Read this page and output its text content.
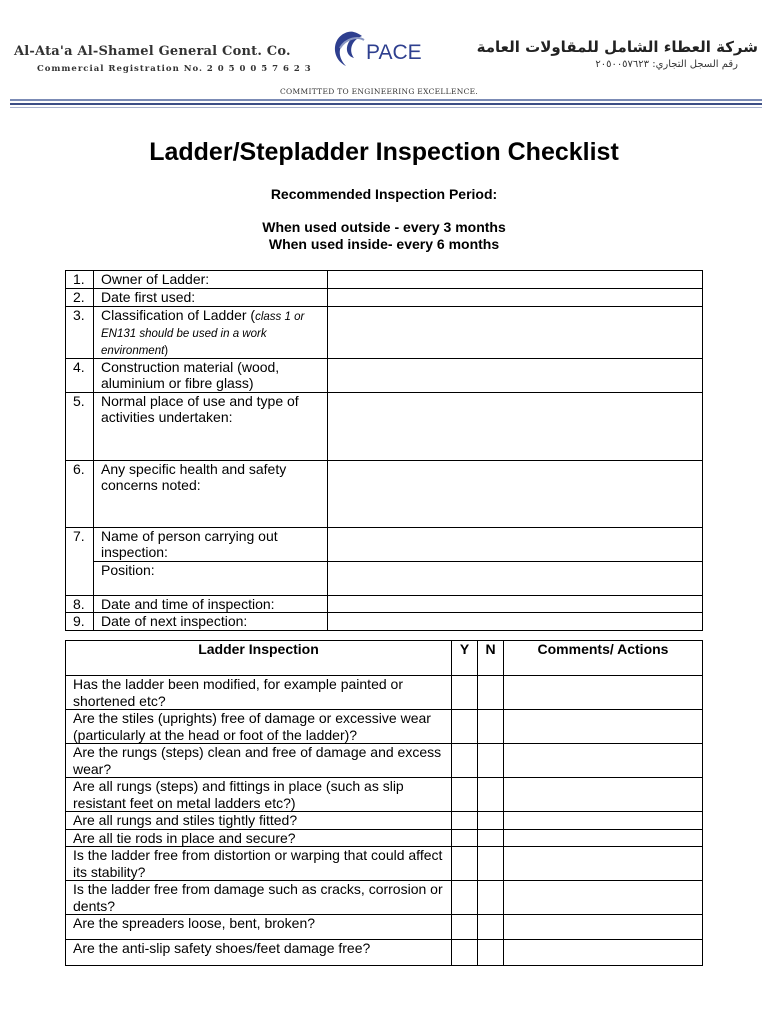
Al-Ata'a Al-Shamel General Cont. Co.
Commercial Registration No. 2 0 5 0 0 5 7 6 2 3
PACE	شركة العطاء الشامل للمقاولات العامة
رقم السجل التجاري: ٢٠٥٠٠٥٧٦٢٣
COMMITTED TO ENGINEERING EXCELLENCE.
Ladder/Stepladder Inspection Checklist
Recommended Inspection Period:
When used outside - every 3 months
When used inside- every 6 months
1.	Owner of Ladder:	
2.	Date first used:	
3.	Classification of Ladder (class 1 or EN131 should be used in a work environment)	
4.	Construction material (wood, aluminium or fibre glass)	
5.	Normal place of use and type of activities undertaken:	
6.	Any specific health and safety concerns noted:	
7.	Name of person carrying out inspection:	
	Position:	
8.	Date and time of inspection:	
9.	Date of next inspection:	
Ladder Inspection	Y	N	Comments/ Actions
Has the ladder been modified, for example painted or shortened etc?			
Are the stiles (uprights) free of damage or excessive wear (particularly at the head or foot of the ladder)?			
Are the rungs (steps) clean and free of damage and excess wear?			
Are all rungs (steps) and fittings in place (such as slip resistant feet on metal ladders etc?)			
Are all rungs and stiles tightly fitted?			
Are all tie rods in place and secure?			
Is the ladder free from distortion or warping that could affect its stability?			
Is the ladder free from damage such as cracks, corrosion or dents?			
Are the spreaders loose, bent, broken?			
Are the anti-slip safety shoes/feet damage free?			
